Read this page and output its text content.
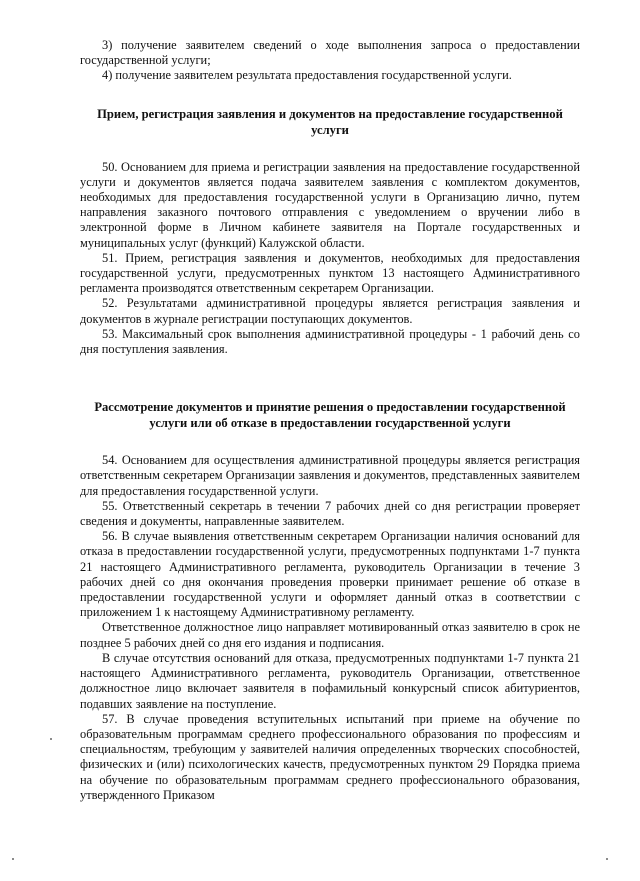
3) получение заявителем сведений о ходе выполнения запроса о предоставлении государственной услуги;

4) получение заявителем результата предоставления государственной услуги.

Прием, регистрация заявления и документов на предоставление государственной услуги

50. Основанием для приема и регистрации заявления на предоставление государственной услуги и документов является подача заявителем заявления с комплектом документов, необходимых для предоставления государственной услуги в Организацию лично, путем направления заказного почтового отправления с уведомлением о вручении либо в электронной форме в Личном кабинете заявителя на Портале государственных и муниципальных услуг (функций) Калужской области.

51. Прием, регистрация заявления и документов, необходимых для предоставления государственной услуги, предусмотренных пунктом 13 настоящего Административного регламента производятся ответственным секретарем Организации.

52. Результатами административной процедуры является регистрация заявления и документов в журнале регистрации поступающих документов.

53. Максимальный срок выполнения административной процедуры - 1 рабочий день со дня поступления заявления.

Рассмотрение документов и принятие решения о предоставлении государственной услуги или об отказе в предоставлении государственной услуги

54. Основанием для осуществления административной процедуры является регистрация ответственным секретарем Организации заявления и документов, представленных заявителем для предоставления государственной услуги.

55. Ответственный секретарь в течении 7 рабочих дней со дня регистрации проверяет сведения и документы, направленные заявителем.

56. В случае выявления ответственным секретарем Организации наличия оснований для отказа в предоставлении государственной услуги, предусмотренных подпунктами 1-7 пункта 21 настоящего Административного регламента, руководитель Организации в течение 3 рабочих дней со дня окончания проведения проверки принимает решение об отказе в предоставлении государственной услуги и оформляет данный отказ в соответствии с приложением 1 к настоящему Административному регламенту.

Ответственное должностное лицо направляет мотивированный отказ заявителю в срок не позднее 5 рабочих дней со дня его издания и подписания.

В случае отсутствия оснований для отказа, предусмотренных подпунктами 1-7 пункта 21 настоящего Административного регламента, руководитель Организации, ответственное должностное лицо включает заявителя в пофамильный конкурсный список абитуриентов, подавших заявление на поступление.

57. В случае проведения вступительных испытаний при приеме на обучение по образовательным программам среднего профессионального образования по профессиям и специальностям, требующим у заявителей наличия определенных творческих способностей, физических и (или) психологических качеств, предусмотренных пунктом 29 Порядка приема на обучение по образовательным программам среднего профессионального образования, утвержденного Приказом
